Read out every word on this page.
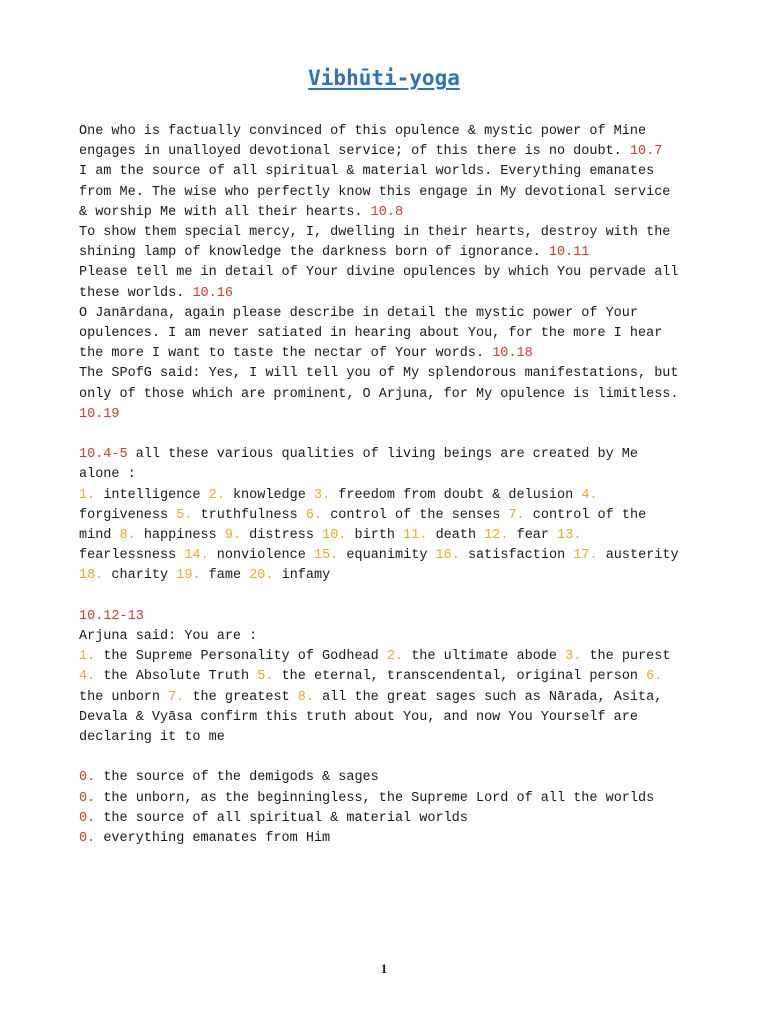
Vibhūti-yoga

One who is factually convinced of this opulence & mystic power of Mine engages in unalloyed devotional service; of this there is no doubt. 10.7

I am the source of all spiritual & material worlds. Everything emanates from Me. The wise who perfectly know this engage in My devotional service & worship Me with all their hearts. 10.8

To show them special mercy, I, dwelling in their hearts, destroy with the shining lamp of knowledge the darkness born of ignorance. 10.11

Please tell me in detail of Your divine opulences by which You pervade all these worlds. 10.16

O Janārdana, again please describe in detail the mystic power of Your opulences. I am never satiated in hearing about You, for the more I hear the more I want to taste the nectar of Your words. 10.18

The SPofG said: Yes, I will tell you of My splendorous manifestations, but only of those which are prominent, O Arjuna, for My opulence is limitless. 10.19

10.4-5 all these various qualities of living beings are created by Me alone :
1. intelligence 2. knowledge 3. freedom from doubt & delusion 4. forgiveness 5. truthfulness 6. control of the senses 7. control of the mind 8. happiness 9. distress 10. birth 11. death 12. fear 13. fearlessness 14. nonviolence 15. equanimity 16. satisfaction 17. austerity 18. charity 19. fame 20. infamy

10.12-13
Arjuna said: You are :
1. the Supreme Personality of Godhead 2. the ultimate abode 3. the purest 4. the Absolute Truth 5. the eternal, transcendental, original person 6. the unborn 7. the greatest 8. all the great sages such as Nārada, Asita, Devala & Vyāsa confirm this truth about You, and now You Yourself are declaring it to me

0. the source of the demigods & sages

0. the unborn, as the beginningless, the Supreme Lord of all the worlds

0. the source of all spiritual & material worlds

0. everything emanates from Him

1
